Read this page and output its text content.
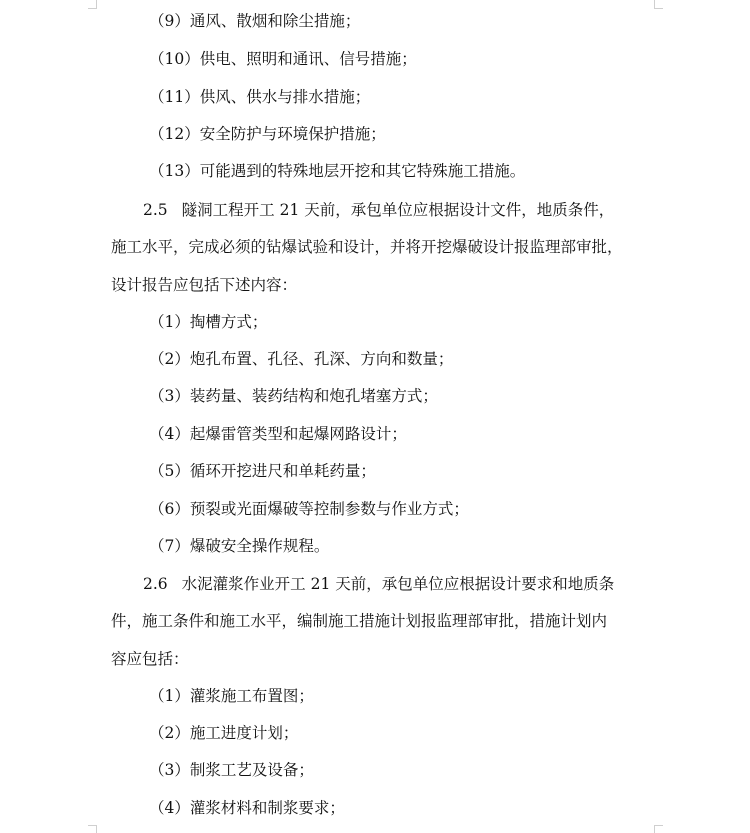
（9）通风、散烟和除尘措施；
（10）供电、照明和通讯、信号措施；
（11）供风、供水与排水措施；
（12）安全防护与环境保护措施；
（13）可能遇到的特殊地层开挖和其它特殊施工措施。
2.5 隧洞工程开工 21 天前，承包单位应根据设计文件，地质条件，
施工水平，完成必须的钻爆试验和设计，并将开挖爆破设计报监理部审批，
设计报告应包括下述内容：
（1）掏槽方式；
（2）炮孔布置、孔径、孔深、方向和数量；
（3）装药量、装药结构和炮孔堵塞方式；
（4）起爆雷管类型和起爆网路设计；
（5）循环开挖进尺和单耗药量；
（6）预裂或光面爆破等控制参数与作业方式；
（7）爆破安全操作规程。
2.6 水泥灌浆作业开工 21 天前，承包单位应根据设计要求和地质条
件，施工条件和施工水平，编制施工措施计划报监理部审批，措施计划内
容应包括：
（1）灌浆施工布置图；
（2）施工进度计划；
（3）制浆工艺及设备；
（4）灌浆材料和制浆要求；
